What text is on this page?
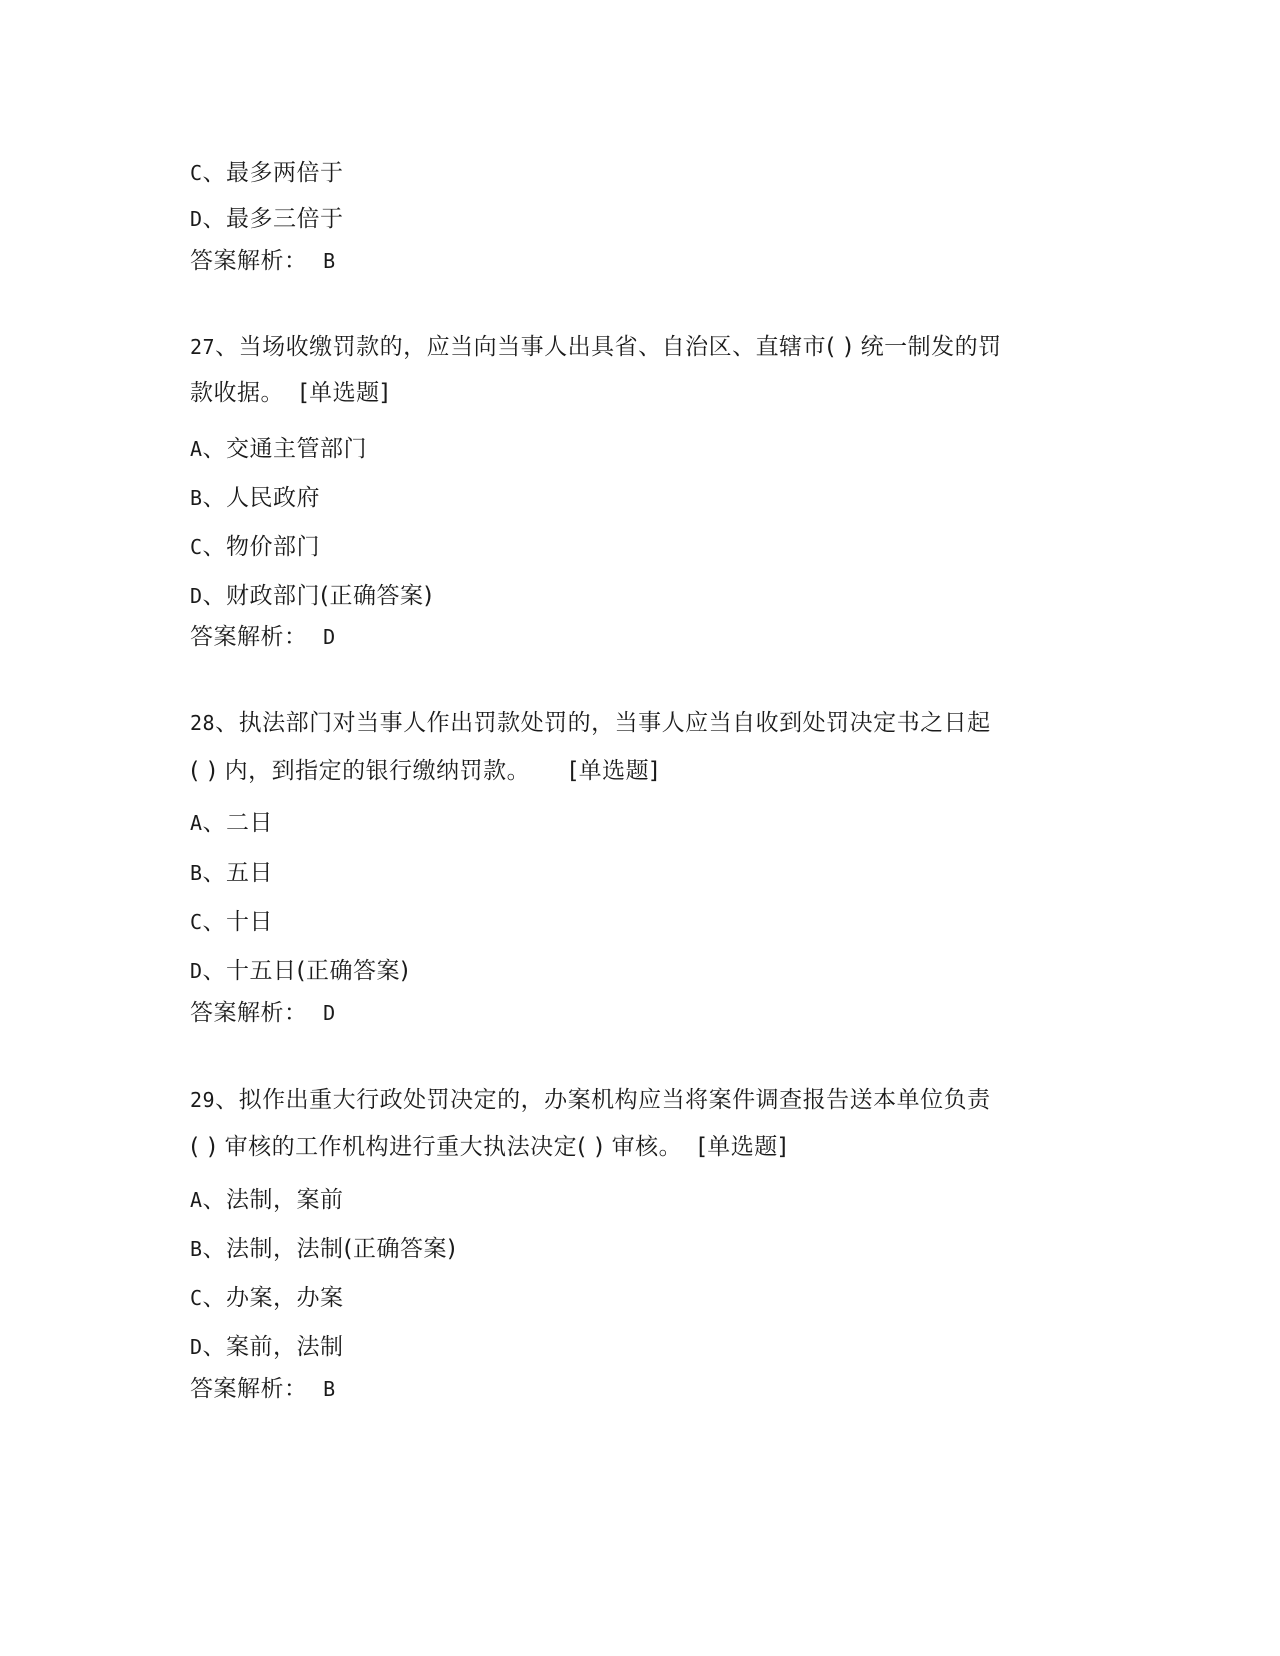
C、最多两倍于
D、最多三倍于
答案解析： B
27、当场收缴罚款的，应当向当事人出具省、自治区、直辖市( ) 统一制发的罚
款收据。 [单选题]
A、交通主管部门
B、人民政府
C、物价部门
D、财政部门(正确答案)
答案解析： D
28、执法部门对当事人作出罚款处罚的，当事人应当自收到处罚决定书之日起
( ) 内，到指定的银行缴纳罚款。 [单选题]
A、二日
B、五日
C、十日
D、十五日(正确答案)
答案解析： D
29、拟作出重大行政处罚决定的，办案机构应当将案件调查报告送本单位负责
( ) 审核的工作机构进行重大执法决定( ) 审核。 [单选题]
A、法制，案前
B、法制，法制(正确答案)
C、办案，办案
D、案前，法制
答案解析： B
